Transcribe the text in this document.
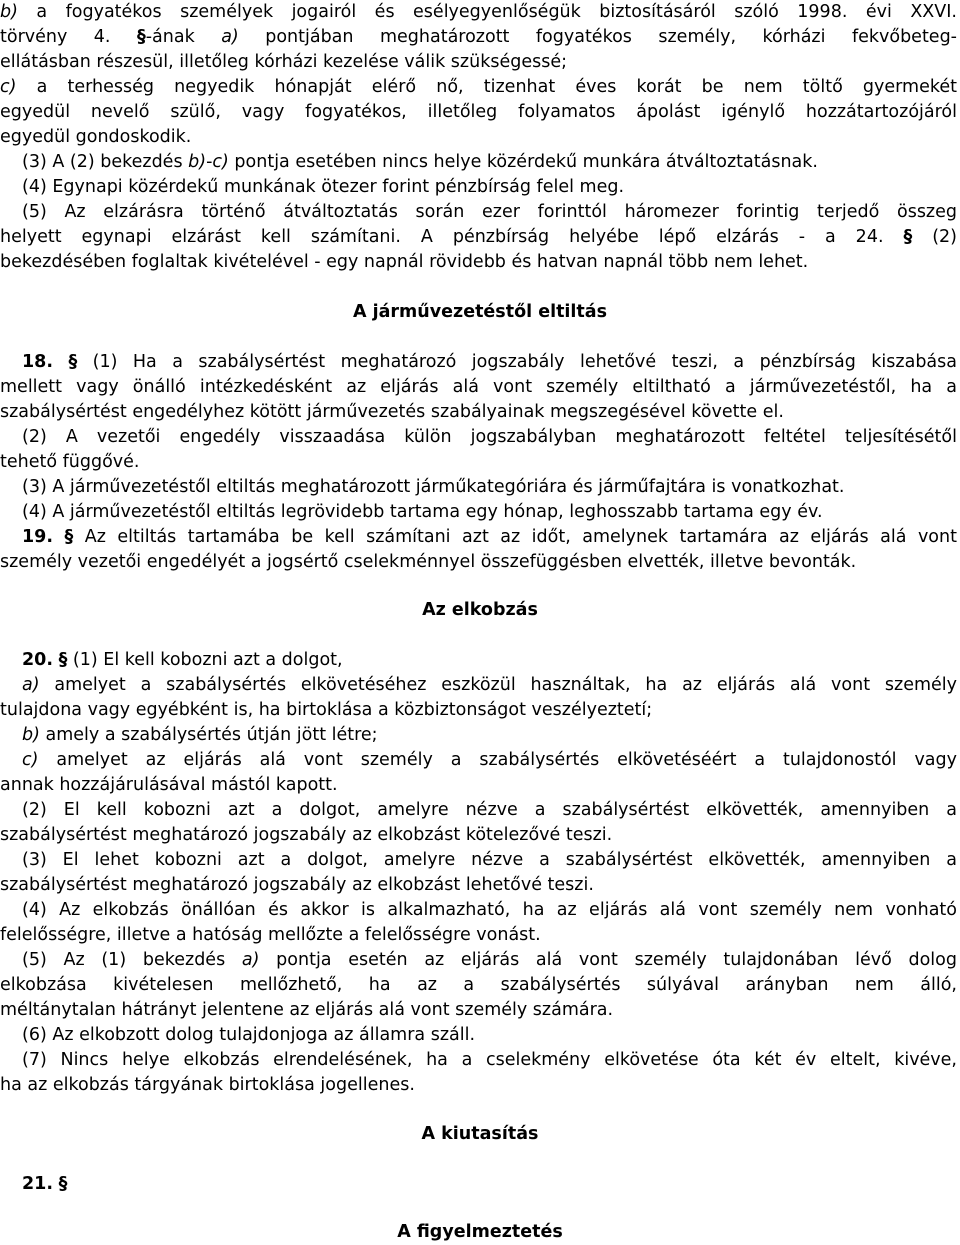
b) a fogyatékos személyek jogairól és esélyegyenlőségük biztosításáról szóló 1998. évi XXVI.
törvény 4. §-ának a) pontjában meghatározott fogyatékos személy, kórházi fekvőbeteg-
ellátásban részesül, illetőleg kórházi kezelése válik szükségessé;
c) a terhesség negyedik hónapját elérő nő, tizenhat éves korát be nem töltő gyermekét
egyedül nevelő szülő, vagy fogyatékos, illetőleg folyamatos ápolást igénylő hozzátartozójáról
egyedül gondoskodik.
(3) A (2) bekezdés b)-c) pontja esetében nincs helye közérdekű munkára átváltoztatásnak.
(4) Egynapi közérdekű munkának ötezer forint pénzbírság felel meg.
(5) Az elzárásra történő átváltoztatás során ezer forinttól háromezer forintig terjedő összeg
helyett egynapi elzárást kell számítani. A pénzbírság helyébe lépő elzárás - a 24. § (2)
bekezdésében foglaltak kivételével - egy napnál rövidebb és hatvan napnál több nem lehet.
18. § (1) Ha a szabálysértést meghatározó jogszabály lehetővé teszi, a pénzbírság kiszabása
mellett vagy önálló intézkedésként az eljárás alá vont személy eltiltható a járművezetéstől, ha a
szabálysértést engedélyhez kötött járművezetés szabályainak megszegésével követte el.
(2) A vezetői engedély visszaadása külön jogszabályban meghatározott feltétel teljesítésétől
tehető függővé.
(3) A járművezetéstől eltiltás meghatározott járműkategóriára és járműfajtára is vonatkozhat.
(4) A járművezetéstől eltiltás legrövidebb tartama egy hónap, leghosszabb tartama egy év.
19. § Az eltiltás tartamába be kell számítani azt az időt, amelynek tartamára az eljárás alá vont
személy vezetői engedélyét a jogsértő cselekménnyel összefüggésben elvették, illetve bevonták.
20. § (1) El kell kobozni azt a dolgot,
a) amelyet a szabálysértés elkövetéséhez eszközül használtak, ha az eljárás alá vont személy
tulajdona vagy egyébként is, ha birtoklása a közbiztonságot veszélyeztetí;
b) amely a szabálysértés útján jött létre;
c) amelyet az eljárás alá vont személy a szabálysértés elkövetéséért a tulajdonostól vagy
annak hozzájárulásával mástól kapott.
(2) El kell kobozni azt a dolgot, amelyre nézve a szabálysértést elkövették, amennyiben a
szabálysértést meghatározó jogszabály az elkobzást kötelezővé teszi.
(3) El lehet kobozni azt a dolgot, amelyre nézve a szabálysértést elkövették, amennyiben a
szabálysértést meghatározó jogszabály az elkobzást lehetővé teszi.
(4) Az elkobzás önállóan és akkor is alkalmazható, ha az eljárás alá vont személy nem vonható
felelősségre, illetve a hatóság mellőzte a felelősségre vonást.
(5) Az (1) bekezdés a) pontja esetén az eljárás alá vont személy tulajdonában lévő dolog
elkobzása kivételesen mellőzhető, ha az a szabálysértés súlyával arányban nem álló,
méltánytalan hátrányt jelentene az eljárás alá vont személy számára.
(6) Az elkobzott dolog tulajdonjoga az államra száll.
(7) Nincs helye elkobzás elrendelésének, ha a cselekmény elkövetése óta két év eltelt, kivéve,
ha az elkobzás tárgyának birtoklása jogellenes.
21. §
A járművezetéstől eltiltás
Az elkobzás
A kiutasítás
A figyelmeztetés
